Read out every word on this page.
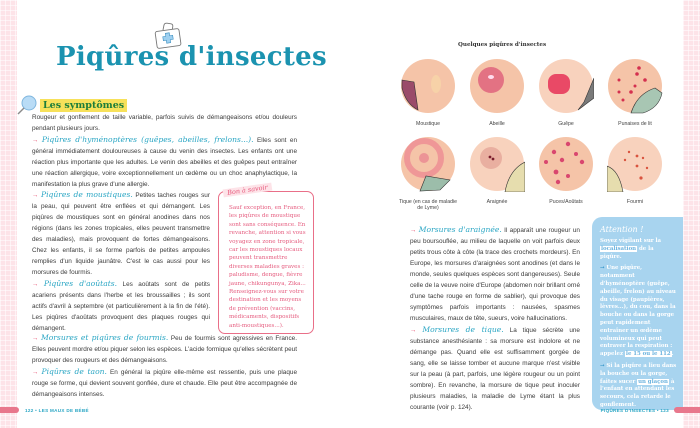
Piqûres d'insectes
Les symptômes

Rougeur et gonflement de taille variable, parfois suivis de démangeaisons et/ou douleurs pendant plusieurs jours.

→ Piqûres d'hyménoptères (guêpes, abeilles, frelons...). Elles sont en général immédiatement douloureuses à cause du venin des insectes. Les enfants ont une réaction plus importante que les adultes. Le venin des abeilles et des guêpes peut entraîner une réaction allergique, voire exceptionnellement un œdème ou un choc anaphylactique, la manifestation la plus grave d'une allergie.

→ Piqûres de moustiques. Petites taches rouges sur la peau, qui peuvent être enflées et qui démangent. Les piqûres de moustiques sont en général anodines dans nos régions (dans les zones tropicales, elles peuvent transmettre des maladies), mais provoquent de fortes démangeaisons. Chez les enfants, il se forme parfois de petites ampoules remplies d'un liquide jaunâtre. C'est le cas aussi pour les morsures de fourmis.

→ Piqûres d'aoûtats. Les aoûtats sont de petits acariens présents dans l'herbe et les broussailles ; ils sont actifs d'avril à septembre (et particulièrement à la fin de l'été). Les piqûres d'aoûtats provoquent des plaques rouges qui démangent.

Bon à savoir

Sauf exception, en France, les piqûres de moustique sont sans conséquence. En revanche, attention si vous voyagez en zone tropicale, car les moustiques locaux peuvent transmettre diverses maladies graves : paludisme, dengue, fièvre jaune, chikungunya, Zika... Renseignez-vous sur votre destination et les moyens de prévention (vaccins, médicaments, dispositifs anti-moustiques...).

→ Morsures et piqûres de fourmis. Peu de fourmis sont agressives en France. Elles peuvent mordre et/ou piquer selon les espèces. L'acide formique qu'elles sécrètent peut provoquer des rougeurs et des démangeaisons.

→ Piqûres de taon. En général la piqûre elle-même est ressentie, puis une plaque rouge se forme, qui devient souvent gonflée, dure et chaude. Elle peut être accompagnée de démangeaisons intenses.

122 • LES MAUX DE BÉBÉ
Quelques piqûres d'insectes
Moustique	Abeille	Guêpe	Punaises de lit
Tique (en cas de maladie de Lyme)
Araignée	Puces/Aoûtats	Fourmi

→ Morsures d'araignée. Il apparaît une rougeur un peu boursouflée, au milieu de laquelle on voit parfois deux petits trous côte à côte (la trace des crochets mordeurs). En Europe, les morsures d'araignées sont anodines (et dans le monde, seules quelques espèces sont dangereuses). Seule celle de la veuve noire d'Europe (abdomen noir brillant orné d'une tache rouge en forme de sablier), qui provoque des symptômes parfois importants : nausées, spasmes musculaires, maux de tête, sueurs, voire hallucinations.

→ Morsures de tique. La tique sécrète une substance anesthésiante : sa morsure est indolore et ne démange pas. Quand elle est suffisamment gorgée de sang, elle se laisse tomber et aucune marque n'est visible sur la peau (à part, parfois, une légère rougeur ou un point sombre). En revanche, la morsure de tique peut inoculer plusieurs maladies, la maladie de Lyme étant la plus courante (voir p. 124).

Attention !

Soyez vigilant sur la localisation de la piqûre.

→ Une piqûre, notamment d'hyménoptère (guêpe, abeille, frelon) au niveau du visage (paupières, lèvres...), du cou, dans la bouche ou dans la gorge peut rapidement entraîner un œdème volumineux qui peut entraver la respiration : appelez le 15 ou le 112.

→ Si la piqûre a lieu dans la bouche ou la gorge, faites sucer un glaçon à l'enfant en attendant les secours, cela retarde le gonflement.

PIQÛRES D'INSECTES • 123
